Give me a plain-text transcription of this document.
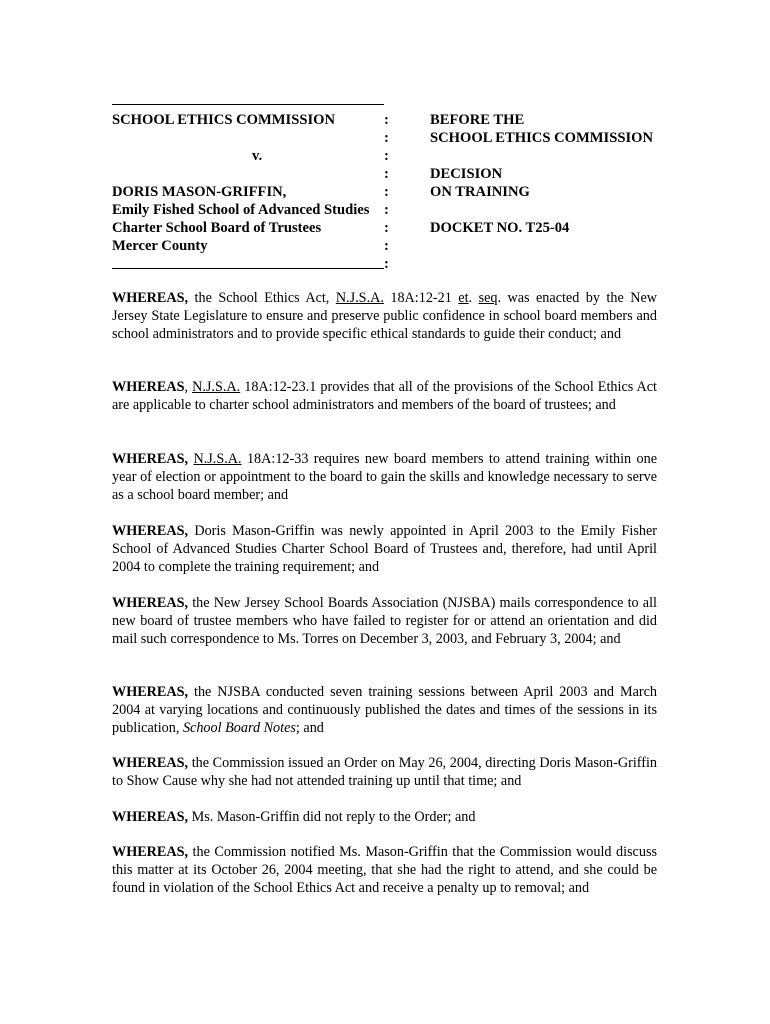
SCHOOL ETHICS COMMISSION
v.
DORIS MASON-GRIFFIN,
Emily Fished School of Advanced Studies
Charter School Board of Trustees
Mercer County
:
:
:
:
:
:
:
:
:
BEFORE THE
SCHOOL ETHICS COMMISSION
DECISION
ON TRAINING
DOCKET NO. T25-04
WHEREAS, the School Ethics Act, N.J.S.A. 18A:12-21 et. seq. was enacted by the New Jersey State Legislature to ensure and preserve public confidence in school board members and school administrators and to provide specific ethical standards to guide their conduct; and
WHEREAS, N.J.S.A. 18A:12-23.1 provides that all of the provisions of the School Ethics Act are applicable to charter school administrators and members of the board of trustees; and
WHEREAS, N.J.S.A. 18A:12-33 requires new board members to attend training within one year of election or appointment to the board to gain the skills and knowledge necessary to serve as a school board member; and
WHEREAS, Doris Mason-Griffin was newly appointed in April 2003 to the Emily Fisher School of Advanced Studies Charter School Board of Trustees and, therefore, had until April 2004 to complete the training requirement; and
WHEREAS, the New Jersey School Boards Association (NJSBA) mails correspondence to all new board of trustee members who have failed to register for or attend an orientation and did mail such correspondence to Ms. Torres on December 3, 2003, and February 3, 2004; and
WHEREAS, the NJSBA conducted seven training sessions between April 2003 and March 2004 at varying locations and continuously published the dates and times of the sessions in its publication, School Board Notes; and
WHEREAS, the Commission issued an Order on May 26, 2004, directing Doris Mason-Griffin to Show Cause why she had not attended training up until that time; and
WHEREAS, Ms. Mason-Griffin did not reply to the Order; and
WHEREAS, the Commission notified Ms. Mason-Griffin that the Commission would discuss this matter at its October 26, 2004 meeting, that she had the right to attend, and she could be found in violation of the School Ethics Act and receive a penalty up to removal; and
